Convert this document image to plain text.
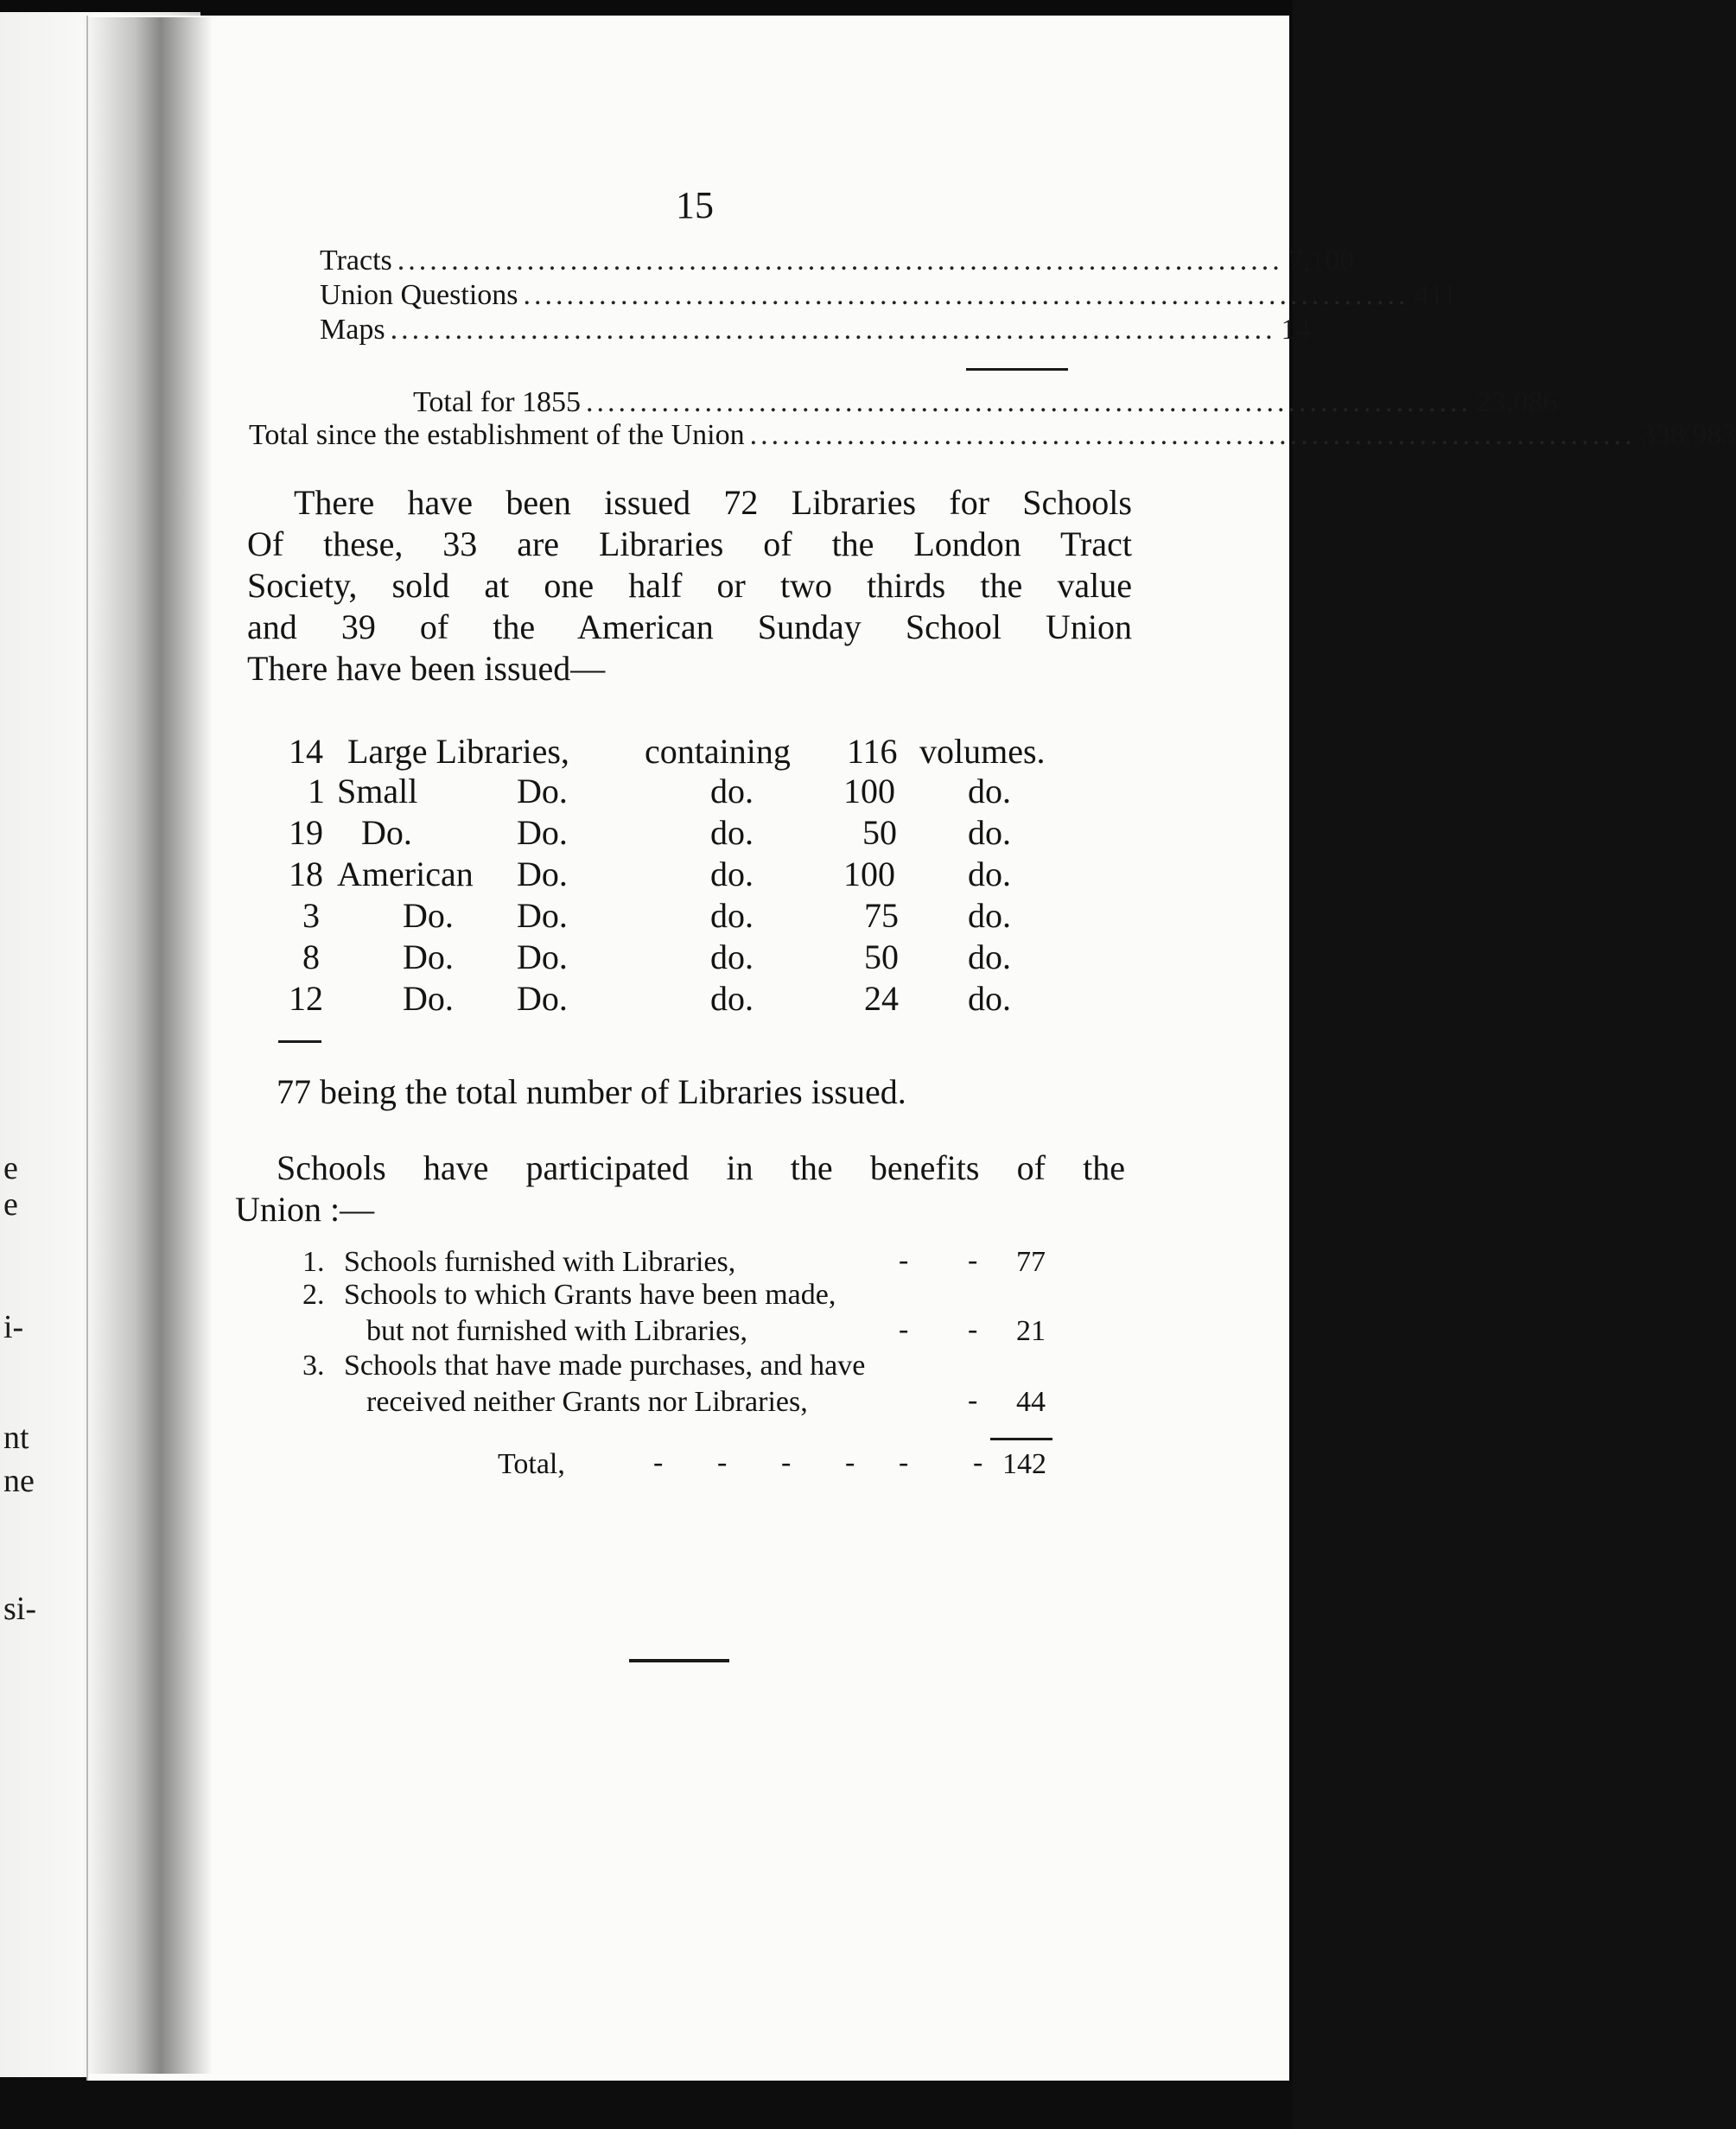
e
e
i-
nt
ne
si-
15
Tracts .................................................................................. 7,100
Union Questions .................................................................................. 411
Maps .................................................................................. 14
Total for 1855 .................................................................................. 23,086
Total since the establishment of the Union .................................................................................. 338,983
There have been issued 72 Libraries for Schools
Of these, 33 are Libraries of the London Tract
Society, sold at one half or two thirds the value
and 39 of the American Sunday School Union
There have been issued—
14 Large Libraries, containing 116 volumes.
1 Small	Do.	do.	100 do.
19 Do.	Do.	do.	50 do.
18 American Do.	do.	100 do.
3 Do. Do.	do.	75 do.
8 Do. Do.	do.	50 do.
12 Do. Do.	do.	24 do.
77 being the total number of Libraries issued.
Schools have participated in the benefits of the
Union :—
1. Schools furnished with Libraries,	77
- -
2. Schools to which Grants have been made,
but not furnished with Libraries,	21
- -
3. Schools that have made purchases, and have
received neither Grants nor Libraries,	44
-
Total,	142
- - - - - -
